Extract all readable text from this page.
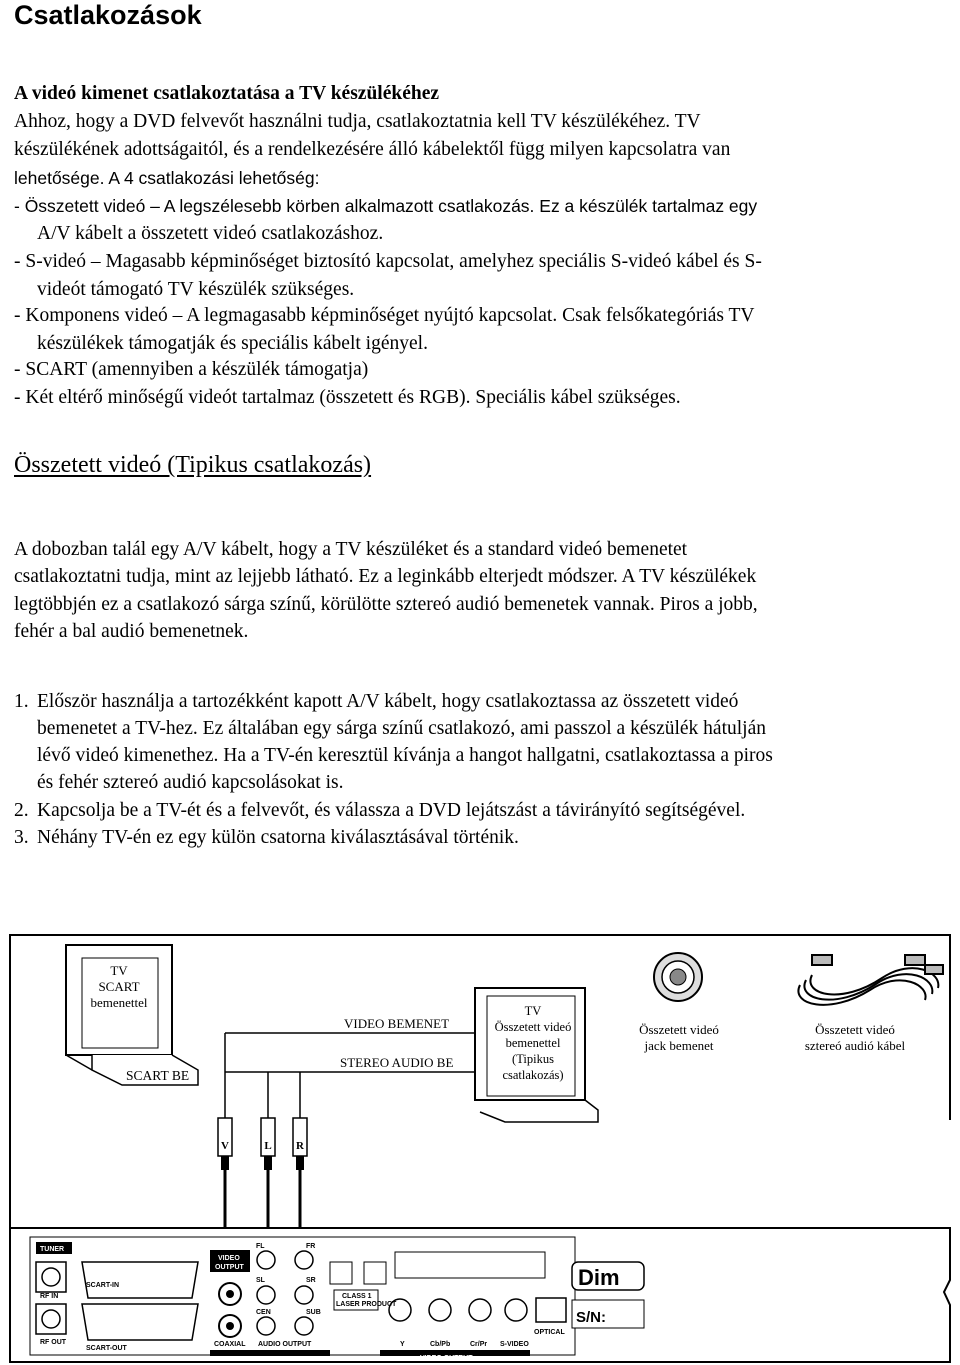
Csatlakozások
A videó kimenet csatlakoztatása a TV készülékéhez
Ahhoz, hogy a DVD felvevőt használni tudja, csatlakoztatnia kell TV készülékéhez. TV
készülékének adottságaitól, és a rendelkezésére álló kábelektől függ milyen kapcsolatra van
lehetősége. A 4 csatlakozási lehetőség:
- Összetett videó – A legszélesebb körben alkalmazott csatlakozás. Ez a készülék tartalmaz egy
A/V kábelt a összetett videó csatlakozáshoz.
- S-videó – Magasabb képminőséget biztosító kapcsolat, amelyhez speciális S-videó kábel és S-
videót támogató TV készülék szükséges.
- Komponens videó – A legmagasabb képminőséget nyújtó kapcsolat. Csak felsőkategóriás TV
készülékek támogatják és speciális kábelt igényel.
- SCART (amennyiben a készülék támogatja)
- Két eltérő minőségű videót tartalmaz (összetett és RGB). Speciális kábel szükséges.
Összetett videó (Tipikus csatlakozás)
A dobozban talál egy A/V kábelt, hogy a TV készüléket és a standard videó bemenetet
csatlakoztatni tudja, mint az lejjebb látható. Ez a leginkább elterjedt módszer. A TV készülékek
legtöbbjén ez a csatlakozó sárga színű, körülötte sztereó audió bemenetek vannak. Piros a jobb,
fehér a bal audió bemenetnek.
1. Először használja a tartozékként kapott A/V kábelt, hogy csatlakoztassa az összetett videó
bemenetet a TV-hez. Ez általában egy sárga színű csatlakozó, ami passzol a készülék hátulján
lévő videó kimenethez. Ha a TV-én keresztül kívánja a hangot hallgatni, csatlakoztassa a piros
és fehér sztereó audió kapcsolásokat is.
2. Kapcsolja be a TV-ét és a felvevőt, és válassza a DVD lejátszást a távirányító segítségével.
3. Néhány TV-én ez egy külön csatorna kiválasztásával történik.
TUNER
RF IN
RF OUT
SCART-IN
SCART-OUT
VIDEO
OUTPUT
COAXIAL AUDIO OUTPUT
FL	FR
SL	SR
CEN	SUB
CLASS 1
LASER PRODUCT
Y	Cb/Pb	Cr/Pr S-VIDEO
VIDEO OUTPUT
OPTICAL
Dim
S/N:
TV
SCART
bemenettel
SCART BE
VIDEO BEMENET
STEREO AUDIO BE
TV
Összetett videó
bemenettel
(Tipikus
csatlakozás)
Összetett videó
jack bemenet
Összetett videó
sztereó audió kábel
V	L R
